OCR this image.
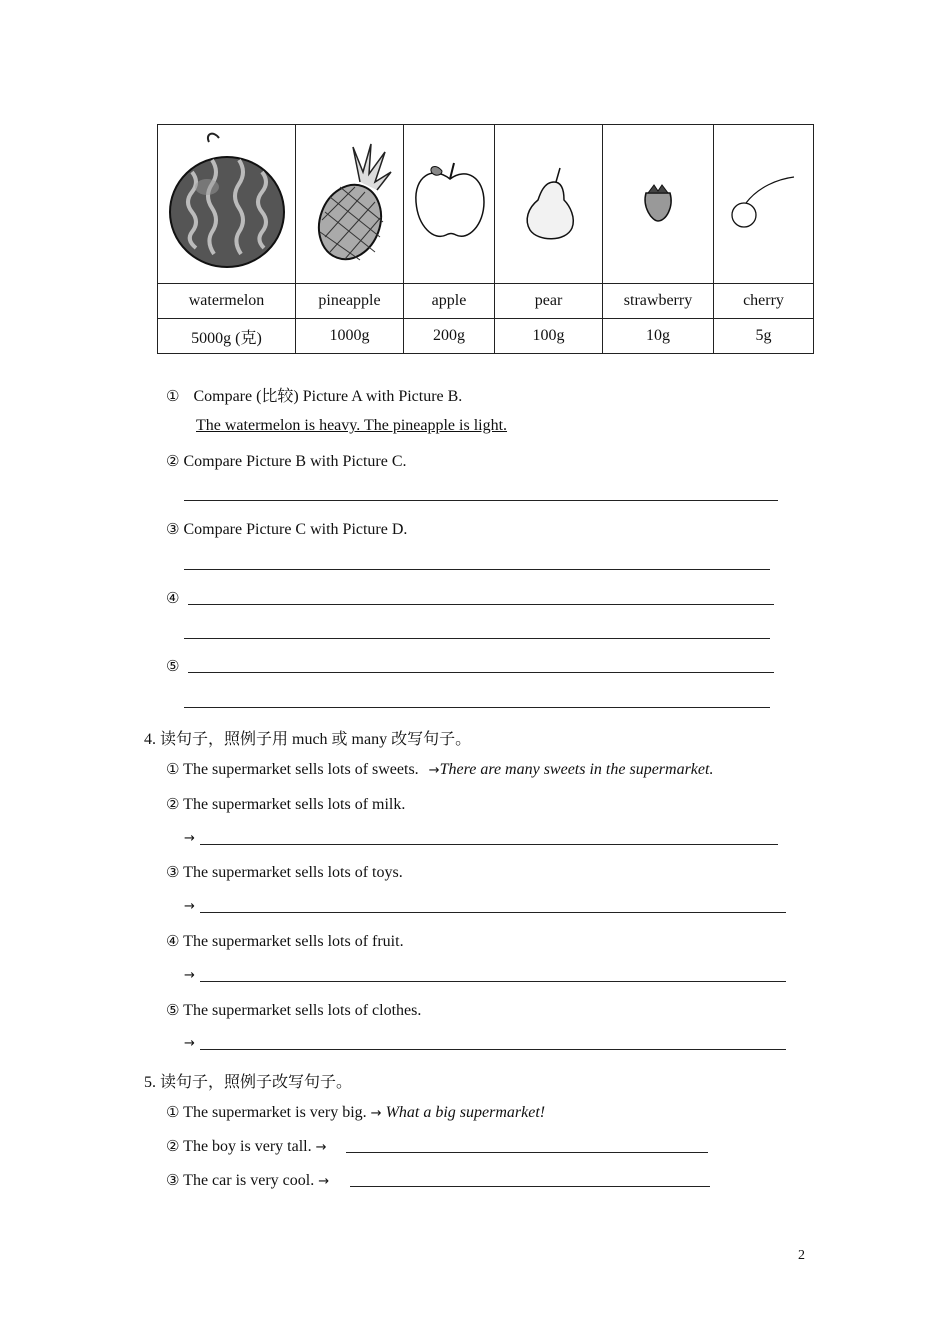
watermelon	pineapple	apple	pear	strawberry	cherry
5000g (克)	1000g	200g	100g	10g	5g
① Compare (比较) Picture A with Picture B.
The watermelon is heavy. The pineapple is light.
② Compare Picture B with Picture C.
③ Compare Picture C with Picture D.
④
⑤
4. 读句子，照例子用 much 或 many 改写句子。
① The supermarket sells lots of sweets. →There are many sweets in the supermarket.
② The supermarket sells lots of milk.
→
③ The supermarket sells lots of toys.
→
④ The supermarket sells lots of fruit.
→
⑤ The supermarket sells lots of clothes.
→
5. 读句子，照例子改写句子。
① The supermarket is very big. → What a big supermarket!
② The boy is very tall. →
③ The car is very cool. →
2
